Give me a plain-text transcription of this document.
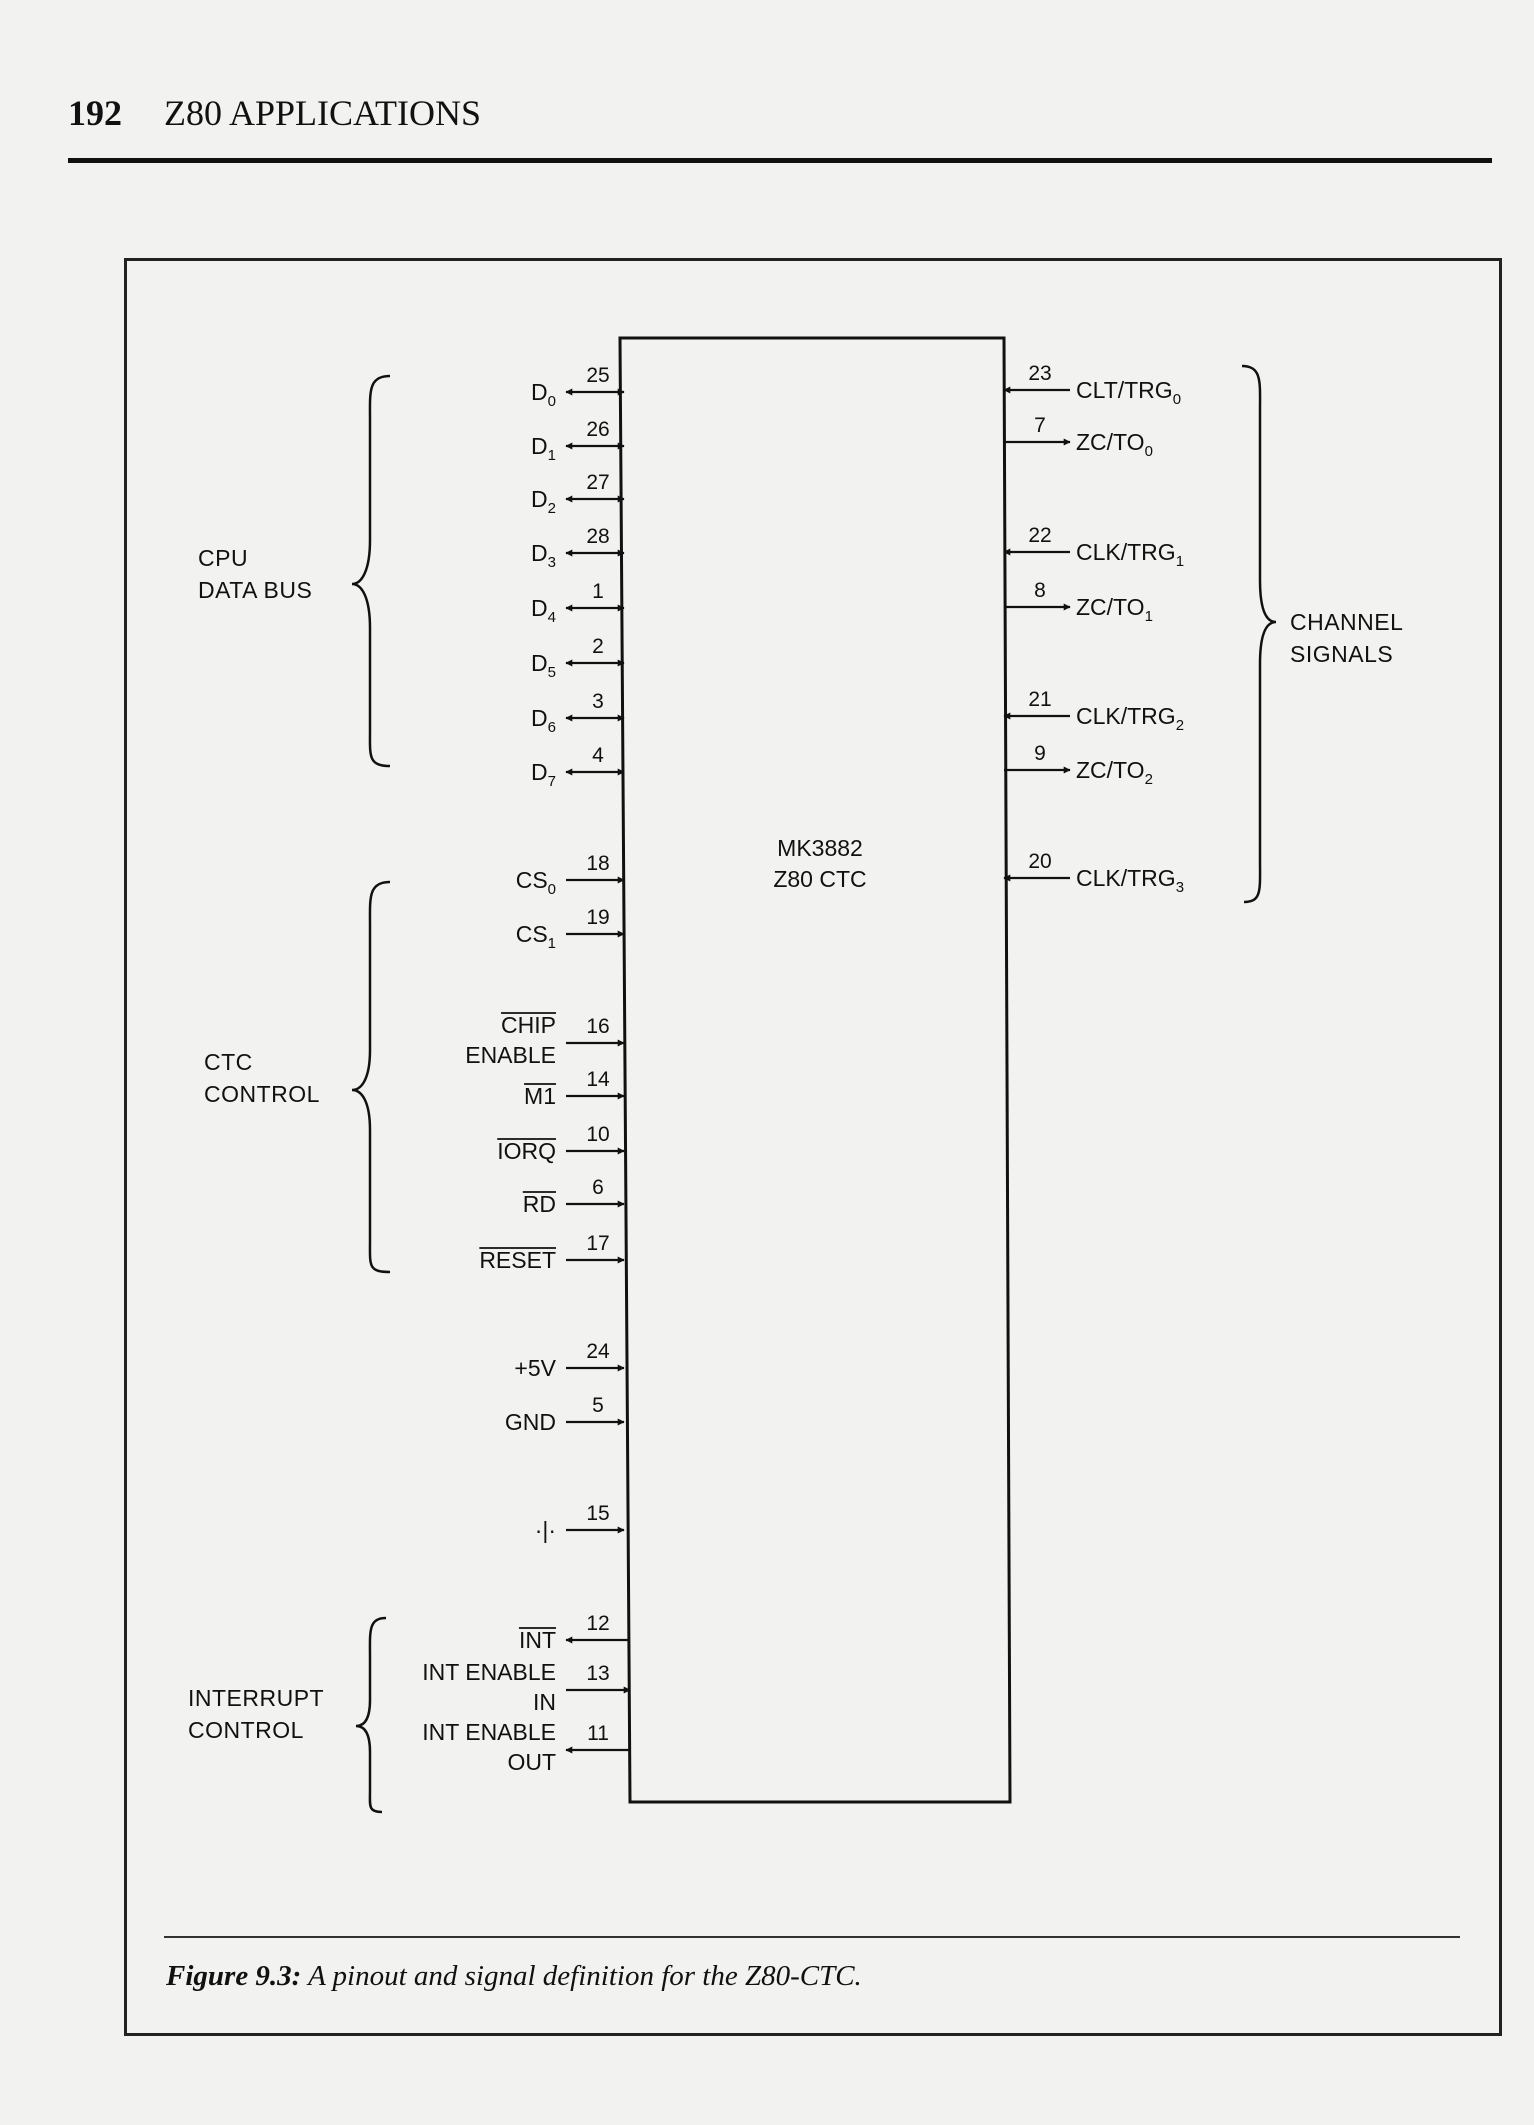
192 Z80 APPLICATIONS
MK3882
Z80 CTC
CPU
DATA BUS
CTC
CONTROL
INTERRUPT
CONTROL
CHANNEL
SIGNALS
25
$D_0$
26
$D_1$
27
$D_2$
28
$D_3$
1
$D_4$
2
$D_5$
3
$D_6$
4
$D_7$
18
$CS_0$
19
$CS_1$
16
CHIP
ENABLE
14
M1
10
IORQ
6
RD
17
RESET
24
+5V
5
GND
15
·|·
12
INT
13
INT ENABLE
IN
11
INT ENABLE
OUT
23
CLT/$TRG_0$
7
$ZC/TO_0$
22
CLK/$TRG_1$
8
$ZC/TO_1$
21
CLK/$TRG_2$
9
$ZC/TO_2$
20
CLK/$TRG_3$
Figure 9.3: A pinout and signal definition for the Z80-CTC.
